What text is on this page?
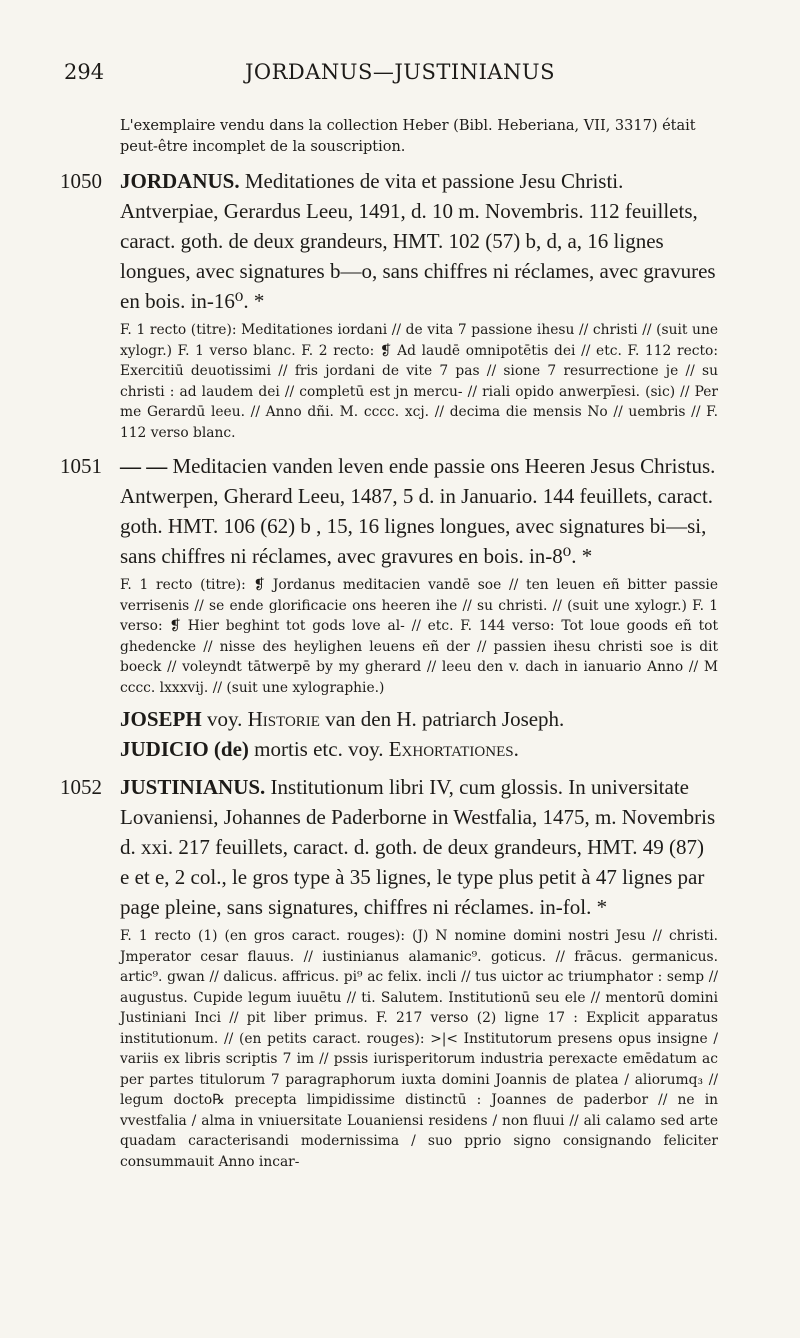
294	JORDANUS—JUSTINIANUS
L'exemplaire vendu dans la collection Heber (Bibl. Heberiana, VII, 3317) était peut-être incomplet de la souscription.
1050 JORDANUS. Meditationes de vita et passione Jesu Christi. Antverpiae, Gerardus Leeu, 1491, d. 10 m. Novembris. 112 feuillets, caract. goth. de deux grandeurs, HMT. 102 (57) b, d, a, 16 lignes longues, avec signatures b—o, sans chiffres ni réclames, avec gravures en bois. in-16⁰. *
F. 1 recto (titre): Meditationes iordani // de vita 7 passione ihesu // christi // (suit une xylogr.) F. 1 verso blanc. F. 2 recto: ❡ Ad laudē omnipotētis dei // etc. F. 112 recto: Exercitiū deuotissimi // fris jordani de vite 7 pas // sione 7 resurrectione je // su christi : ad laudem dei // completū est jn mercu- // riali opido anwerpīesi. (sic) // Per me Gerardū leeu. // Anno dñi. M. cccc. xcj. // decima die mensis No // uembris // F. 112 verso blanc.
1051 — — Meditacien vanden leven ende passie ons Heeren Jesus Christus. Antwerpen, Gherard Leeu, 1487, 5 d. in Januario. 144 feuillets, caract. goth. HMT. 106 (62) b , 15, 16 lignes longues, avec signatures bi—si, sans chiffres ni réclames, avec gravures en bois. in-8⁰. *
F. 1 recto (titre): ❡ Jordanus meditacien vandē soe // ten leuen eñ bitter passie verrisenis // se ende glorificacie ons heeren ihe // su christi. // (suit une xylogr.) F. 1 verso: ❡ Hier beghint tot gods love al- // etc. F. 144 verso: Tot loue goods eñ tot ghedencke // nisse des heylighen leuens eñ der // passien ihesu christi soe is dit boeck // voleyndt tātwerpē by my gherard // leeu den v. dach in ianuario Anno // M cccc. lxxxvij. // (suit une xylographie.)
JOSEPH voy. Historie van den H. patriarch Joseph.
JUDICIO (de) mortis etc. voy. Exhortationes.
1052 JUSTINIANUS. Institutionum libri IV, cum glossis. In universitate Lovaniensi, Johannes de Paderborne in Westfalia, 1475, m. Novembris d. xxi. 217 feuillets, caract. d. goth. de deux grandeurs, HMT. 49 (87) e et e, 2 col., le gros type à 35 lignes, le type plus petit à 47 lignes par page pleine, sans signatures, chiffres ni réclames. in-fol. *
F. 1 recto (1) (en gros caract. rouges): (J) N nomine domini nostri Jesu // christi. Jmperator cesar flauus. // iustinianus alamanic⁹. goticus. // frācus. germanicus. artic⁹. gwan // dalicus. affricus. pi⁹ ac felix. incli // tus uictor ac triumphator : semp // augustus. Cupide legum iuuētu // ti. Salutem. Institutionū seu ele // mentorū domini Justiniani Inci // pit liber primus. F. 217 verso (2) ligne 17 : Explicit apparatus institutionum. // (en petits caract. rouges): >|< Institutorum presens opus insigne / variis ex libris scriptis 7 im // pssis iurisperitorum industria perexacte emēdatum ac per partes titulorum 7 paragraphorum iuxta domini Joannis de platea / aliorumq₃ // legum docto℞ precepta limpidissime distinctū : Joannes de paderbor // ne in vvestfalia / alma in vniuersitate Louaniensi residens / non fluui // ali calamo sed arte quadam caracterisandi modernissima / suo pprio signo consignando feliciter consummauit Anno incar-
